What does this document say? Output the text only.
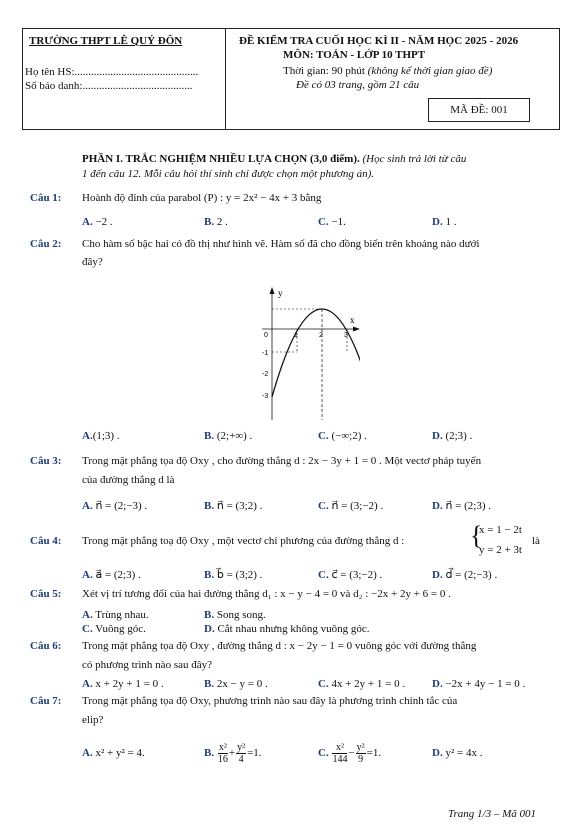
TRƯỜNG THPT LÊ QUÝ ĐÔN	ĐỀ KIỂM TRA CUỐI HỌC KÌ II - NĂM HỌC 2025 - 2026
MÔN: TOÁN - LỚP 10 THPT
Thời gian: 90 phút (không kể thời gian giao đề)
Đề có 03 trang, gồm 21 câu
Họ tên HS:.............................................
Số báo danh:........................................
MÃ ĐỀ: 001
PHẦN I. TRẮC NGHIỆM NHIỀU LỰA CHỌN (3,0 điểm). (Học sinh trả lời từ câu
1 đến câu 12. Mỗi câu hỏi thí sinh chỉ được chọn một phương án).
Câu 1: Hoành độ đỉnh của parabol (P) : y = 2x² − 4x + 3 bằng
A. −2 .	B. 2 .	C. −1.	D. 1 .
Câu 2: Cho hàm số bậc hai có đồ thị như hình vẽ. Hàm số đã cho đồng biến trên khoảng nào dưới
đây?
y
x
0	1	2	3
-1
-2
-3
A.(1;3) .	B. (2;+∞) .	C. (−∞;2) .	D. (2;3) .
Câu 3: Trong mặt phẳng tọa độ Oxy , cho đường thẳng d : 2x − 3y + 1 = 0 . Một vectơ pháp tuyến
của đường thẳng d là
A. n⃗ = (2;−3) .	B. n⃗ = (3;2) .	C. n⃗ = (3;−2) .	D. n⃗ = (2;3) .
Câu 4: Trong mặt phẳng toạ độ Oxy , một vectơ chỉ phương của đường thẳng d :	{
x = 1 − 2t
y = 2 + 3t
là
A. a⃗ = (2;3) .	B. b⃗ = (3;2) .	C. c⃗ = (3;−2) .	D. d⃗ = (2;−3) .
Câu 5: Xét vị trí tương đối của hai đường thẳng d₁ : x − y − 4 = 0 và d₂ : −2x + 2y + 6 = 0 .
A. Trùng nhau.	B. Song song.
C. Vuông góc.	D. Cắt nhau nhưng không vuông góc.
Câu 6: Trong mặt phẳng tọa độ Oxy , đường thẳng d : x − 2y − 1 = 0 vuông góc với đường thẳng
có phương trình nào sau đây?
A. x + 2y + 1 = 0 .	B. 2x − y = 0 .	C. 4x + 2y + 1 = 0 . D. −2x + 4y − 1 = 0 .
Câu 7: Trong mặt phẳng tọa độ Oxy, phương trình nào sau đây là phương trình chính tắc của
elip?
A. x² + y² = 4.	B. $\frac{\text{x²}}{16} + \frac{\text{y²}}{4} =1$.	C. $\frac{\text{x²}}{144} - \frac{\text{y²}}{9} =1$.	D. y² = 4x .
Trang 1/3 – Mã 001
